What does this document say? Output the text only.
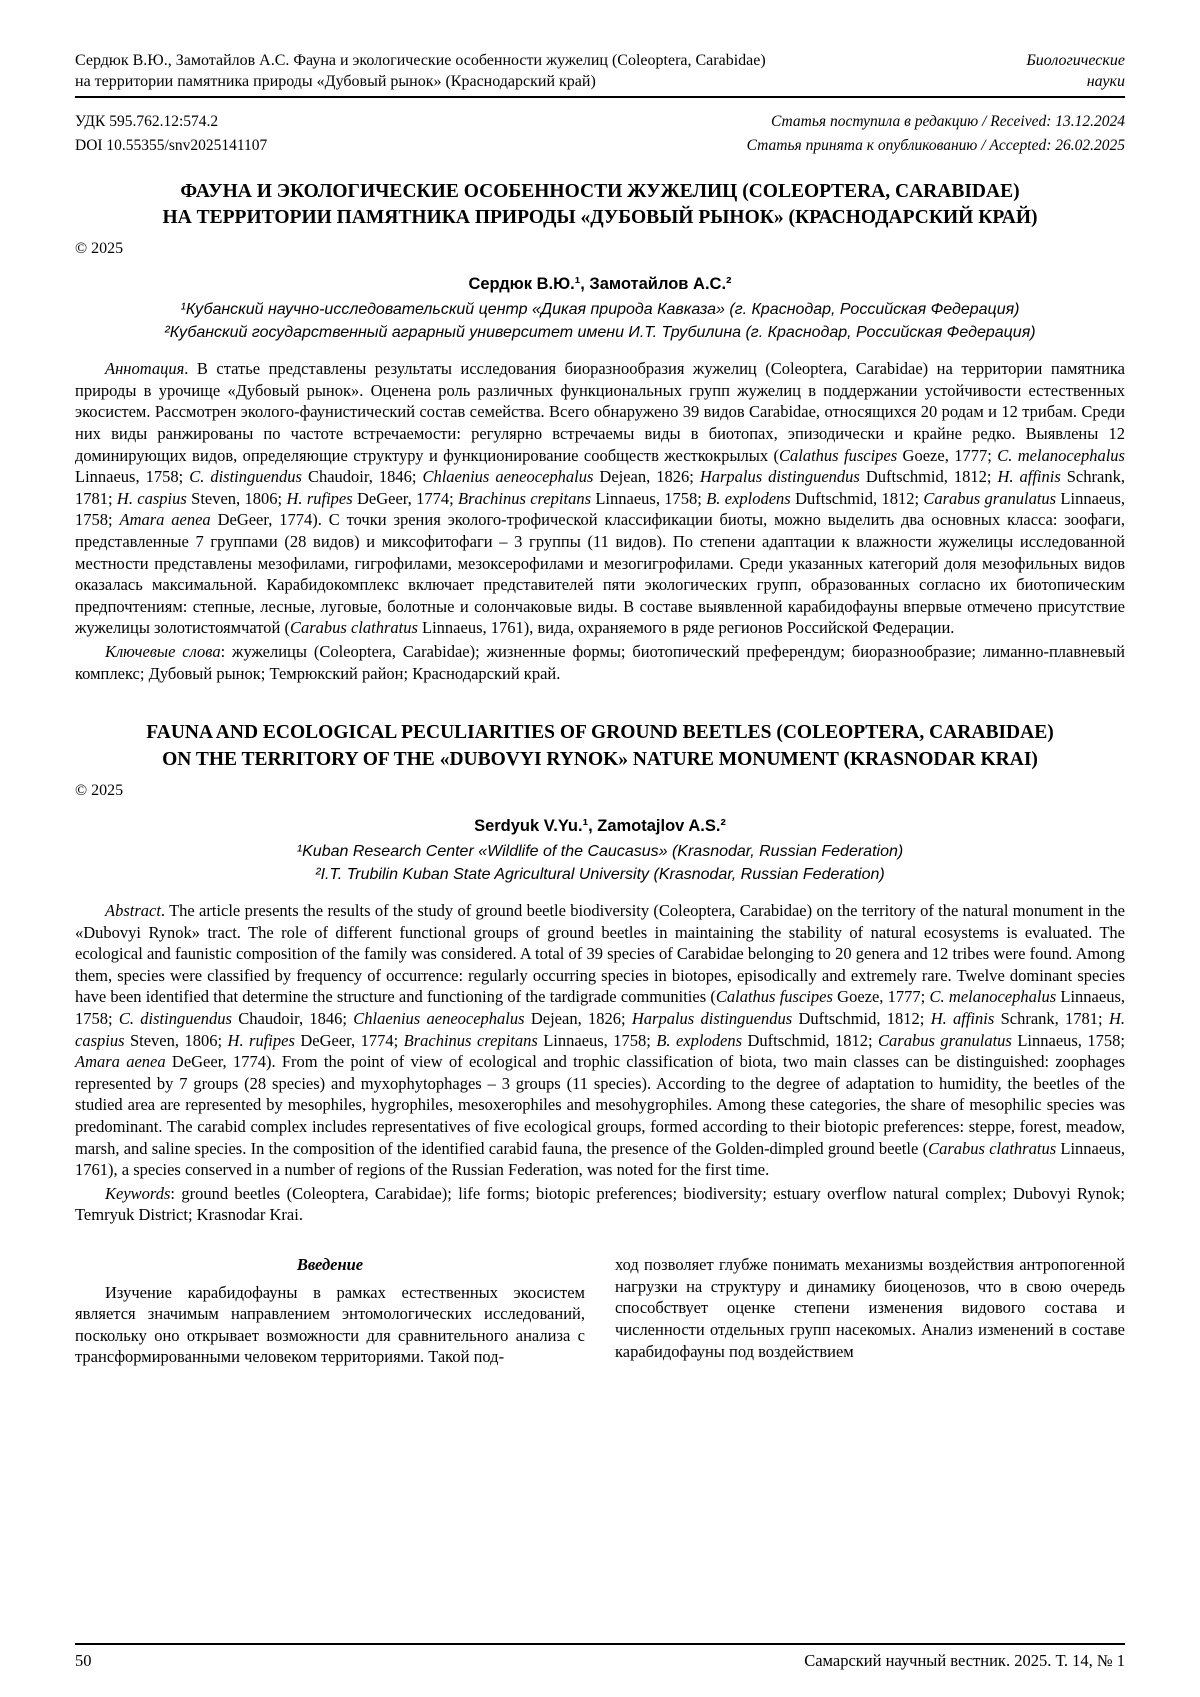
Сердюк В.Ю., Замотайлов А.С. Фауна и экологические особенности жужелиц (Coleoptera, Carabidae)
на территории памятника природы «Дубовый рынок» (Краснодарский край)
Биологические
науки
УДК 595.762.12:574.2	Статья поступила в редакцию / Received: 13.12.2024
DOI 10.55355/snv2025141107	Статья принята к опубликованию / Accepted: 26.02.2025
ФАУНА И ЭКОЛОГИЧЕСКИЕ ОСОБЕННОСТИ ЖУЖЕЛИЦ (COLEOPTERA, CARABIDAE)
НА ТЕРРИТОРИИ ПАМЯТНИКА ПРИРОДЫ «ДУБОВЫЙ РЫНОК» (КРАСНОДАРСКИЙ КРАЙ)
© 2025
Сердюк В.Ю.¹, Замотайлов А.С.²
¹Кубанский научно-исследовательский центр «Дикая природа Кавказа» (г. Краснодар, Российская Федерация)
²Кубанский государственный аграрный университет имени И.Т. Трубилина (г. Краснодар, Российская Федерация)

Аннотация. В статье представлены результаты исследования биоразнообразия жужелиц (Coleoptera, Carabidae) на территории памятника природы в урочище «Дубовый рынок». Оценена роль различных функциональных групп жужелиц в поддержании устойчивости естественных экосистем. Рассмотрен эколого-фаунистический состав семейства. Всего обнаружено 39 видов Carabidae, относящихся 20 родам и 12 трибам. Среди них виды ранжированы по частоте встречаемости: регулярно встречаемы виды в биотопах, эпизодически и крайне редко. Выявлены 12 доминирующих видов, определяющие структуру и функционирование сообществ жесткокрылых (Calathus fuscipes Goeze, 1777; C. melanocephalus Linnaeus, 1758; C. distinguendus Chaudoir, 1846; Chlaenius aeneocephalus Dejean, 1826; Harpalus distinguendus Duftschmid, 1812; H. affinis Schrank, 1781; H. caspius Steven, 1806; H. rufipes DeGeer, 1774; Brachinus crepitans Linnaeus, 1758; B. explodens Duftschmid, 1812; Carabus granulatus Linnaeus, 1758; Amara aenea DeGeer, 1774). С точки зрения эколого-трофической классификации биоты, можно выделить два основных класса: зоофаги, представленные 7 группами (28 видов) и миксофитофаги – 3 группы (11 видов). По степени адаптации к влажности жужелицы исследованной местности представлены мезофилами, гигрофилами, мезоксерофилами и мезогигрофилами. Среди указанных категорий доля мезофильных видов оказалась максимальной. Карабидокомплекс включает представителей пяти экологических групп, образованных согласно их биотопическим предпочтениям: степные, лесные, луговые, болотные и солончаковые виды. В составе выявленной карабидофауны впервые отмечено присутствие жужелицы золотистоямчатой (Carabus clathratus Linnaeus, 1761), вида, охраняемого в ряде регионов Российской Федерации.

Ключевые слова: жужелицы (Coleoptera, Carabidae); жизненные формы; биотопический преферендум; биоразнообразие; лиманно-плавневый комплекс; Дубовый рынок; Темрюкский район; Краснодарский край.

FAUNA AND ECOLOGICAL PECULIARITIES OF GROUND BEETLES (COLEOPTERA, CARABIDAE)
ON THE TERRITORY OF THE «DUBOVYI RYNOK» NATURE MONUMENT (KRASNODAR KRAI)
© 2025
Serdyuk V.Yu.¹, Zamotajlov A.S.²
¹Kuban Research Center «Wildlife of the Caucasus» (Krasnodar, Russian Federation)
²I.T. Trubilin Kuban State Agricultural University (Krasnodar, Russian Federation)

Abstract. The article presents the results of the study of ground beetle biodiversity (Coleoptera, Carabidae) on the territory of the natural monument in the «Dubovyi Rynok» tract. The role of different functional groups of ground beetles in maintaining the stability of natural ecosystems is evaluated. The ecological and faunistic composition of the family was considered. A total of 39 species of Carabidae belonging to 20 genera and 12 tribes were found. Among them, species were classified by frequency of occurrence: regularly occurring species in biotopes, episodically and extremely rare. Twelve dominant species have been identified that determine the structure and functioning of the tardigrade communities (Calathus fuscipes Goeze, 1777; C. melanocephalus Linnaeus, 1758; C. distinguendus Chaudoir, 1846; Chlaenius aeneocephalus Dejean, 1826; Harpalus distinguendus Duftschmid, 1812; H. affinis Schrank, 1781; H. caspius Steven, 1806; H. rufipes DeGeer, 1774; Brachinus crepitans Linnaeus, 1758; B. explodens Duftschmid, 1812; Carabus granulatus Linnaeus, 1758; Amara aenea DeGeer, 1774). From the point of view of ecological and trophic classification of biota, two main classes can be distinguished: zoophages represented by 7 groups (28 species) and myxophytophages – 3 groups (11 species). According to the degree of adaptation to humidity, the beetles of the studied area are represented by mesophiles, hygrophiles, mesoxerophiles and mesohygrophiles. Among these categories, the share of mesophilic species was predominant. The carabid complex includes representatives of five ecological groups, formed according to their biotopic preferences: steppe, forest, meadow, marsh, and saline species. In the composition of the identified carabid fauna, the presence of the Golden-dimpled ground beetle (Carabus clathratus Linnaeus, 1761), a species conserved in a number of regions of the Russian Federation, was noted for the first time.

Keywords: ground beetles (Coleoptera, Carabidae); life forms; biotopic preferences; biodiversity; estuary overflow natural complex; Dubovyi Rynok; Temryuk District; Krasnodar Krai.

Введение

Изучение карабидофауны в рамках естественных экосистем является значимым направлением энтомологических исследований, поскольку оно открывает возможности для сравнительного анализа с трансформированными человеком территориями. Такой под-

ход позволяет глубже понимать механизмы воздействия антропогенной нагрузки на структуру и динамику биоценозов, что в свою очередь способствует оценке степени изменения видового состава и численности отдельных групп насекомых. Анализ изменений в составе карабидофауны под воздействием

50	Самарский научный вестник. 2025. Т. 14, № 1
